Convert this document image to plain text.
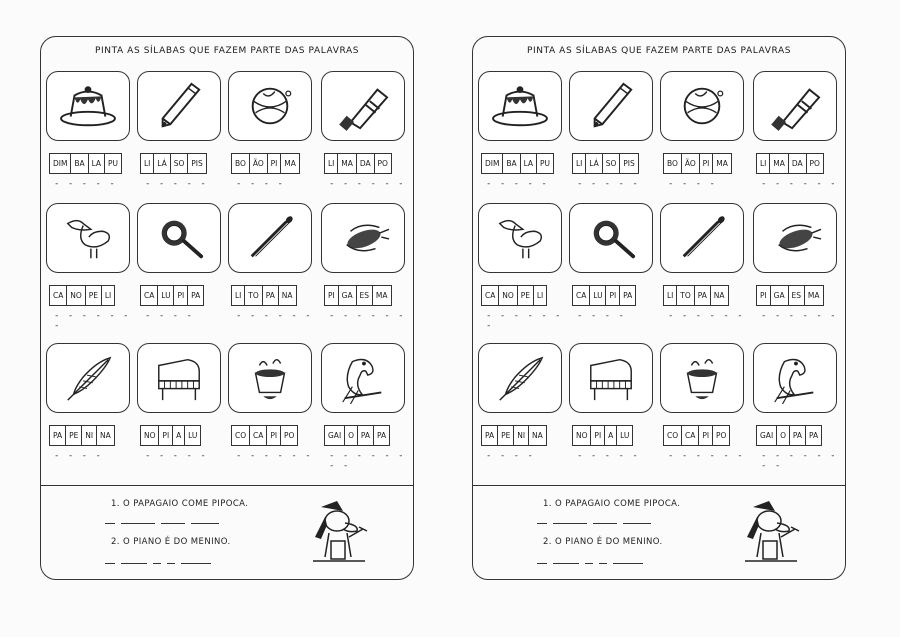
PINTA AS SÍLABAS QUE FAZEM PARTE DAS PALAVRAS
DIM BA LA PU
- - - - -
LI LÁ SO PIS
- - - - -
BO ÃO PI MA
- - - -
LI MA DA PO
- - - - - -
CA NO PE LI
- - - - - - -
CA LU PI PA
- - - -
LI TO PA NA
- - - - - -
PI GA ES MA
- - - - - -
PA PE NI NA
- - - -
NO PI A LU
- - - - -
CO CA PI PO
- - - - - -
GAI O PA PA
- - - - - - - -
1. O PAPAGAIO COME PIPOCA.
2. O PIANO É DO MENINO.
PINTA AS SÍLABAS QUE FAZEM PARTE DAS PALAVRAS
DIM BA LA PU
- - - - -
LI LÁ SO PIS
- - - - -
BO ÃO PI MA
- - - -
LI MA DA PO
- - - - - -
CA NO PE LI
- - - - - - -
CA LU PI PA
- - - -
LI TO PA NA
- - - - - -
PI GA ES MA
- - - - - -
PA PE NI NA
- - - -
NO PI A LU
- - - - -
CO CA PI PO
- - - - - -
GAI O PA PA
- - - - - - - -
1. O PAPAGAIO COME PIPOCA.
2. O PIANO É DO MENINO.
